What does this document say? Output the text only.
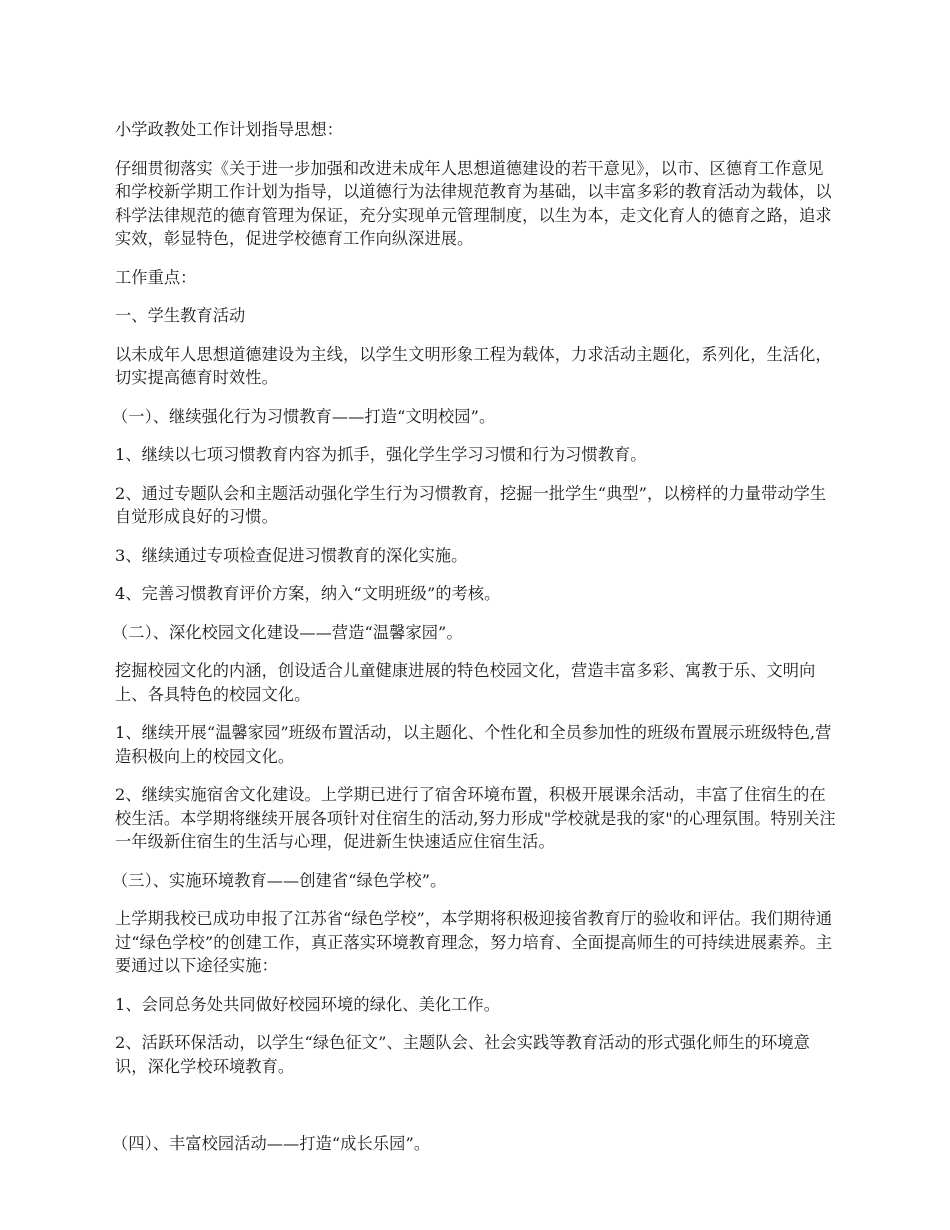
小学政教处工作计划指导思想：

仔细贯彻落实《关于进一步加强和改进未成年人思想道德建设的若干意见》，以市、区德育工作意见和学校新学期工作计划为指导，以道德行为法律规范教育为基础，以丰富多彩的教育活动为载体，以科学法律规范的德育管理为保证，充分实现单元管理制度，以生为本，走文化育人的德育之路，追求实效，彰显特色，促进学校德育工作向纵深进展。

工作重点：

一、学生教育活动

以未成年人思想道德建设为主线，以学生文明形象工程为载体，力求活动主题化，系列化，生活化，切实提高德育时效性。

（一）、继续强化行为习惯教育——打造“文明校园”。

1、继续以七项习惯教育内容为抓手，强化学生学习习惯和行为习惯教育。

2、通过专题队会和主题活动强化学生行为习惯教育，挖掘一批学生“典型”，以榜样的力量带动学生自觉形成良好的习惯。

3、继续通过专项检查促进习惯教育的深化实施。

4、完善习惯教育评价方案，纳入“文明班级”的考核。

（二）、深化校园文化建设——营造“温馨家园”。

挖掘校园文化的内涵，创设适合儿童健康进展的特色校园文化，营造丰富多彩、寓教于乐、文明向上、各具特色的校园文化。

1、继续开展“温馨家园”班级布置活动，以主题化、个性化和全员参加性的班级布置展示班级特色,营造积极向上的校园文化。

2、继续实施宿舍文化建设。上学期已进行了宿舍环境布置，积极开展课余活动，丰富了住宿生的在校生活。本学期将继续开展各项针对住宿生的活动,努力形成"学校就是我的家"的心理氛围。特别关注一年级新住宿生的生活与心理，促进新生快速适应住宿生活。

（三）、实施环境教育——创建省“绿色学校”。

上学期我校已成功申报了江苏省“绿色学校”，本学期将积极迎接省教育厅的验收和评估。我们期待通过“绿色学校”的创建工作，真正落实环境教育理念，努力培育、全面提高师生的可持续进展素养。主要通过以下途径实施：

1、会同总务处共同做好校园环境的绿化、美化工作。

2、活跃环保活动，以学生“绿色征文”、主题队会、社会实践等教育活动的形式强化师生的环境意识，深化学校环境教育。

（四）、丰富校园活动——打造“成长乐园”。
